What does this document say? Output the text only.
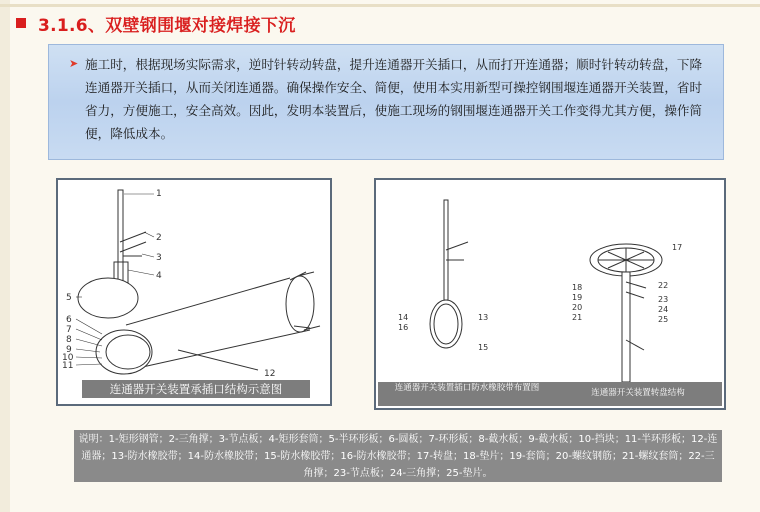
3.1.6、双壁钢围堰对接焊接下沉
➤ 施工时，根据现场实际需求，逆时针转动转盘，提升连通器开关插口，从而打开连通器；顺时针转动转盘，下降连通器开关插口，从而关闭连通器。确保操作安全、简便，使用本实用新型可操控钢围堰连通器开关装置，省时省力，方便施工，安全高效。因此，发明本装置后，使施工现场的钢围堰连通器开关工作变得尤其方便，操作简便，降低成本。

1
2
3
4
5
6
7
8
9
10
11
12
连通器开关装置承插口结构示意图
13
14
15
16
17
18
19
20
21
22
23
24
25
连通器开关装置插口防水橡胶带布置图	连通器开关装置转盘结构
说明：1-矩形钢管；2-三角撑；3-节点板；4-矩形套筒；5-半环形板；6-圆板；7-环形板；8-截水板；9-截水板；10-挡块；11-半环形板；12-连通器；13-防水橡胶带；14-防水橡胶带；15-防水橡胶带；16-防水橡胶带；17-转盘；18-垫片；19-套筒；20-螺纹钢筋；21-螺纹套筒；22-三角撑；23-节点板；24-三角撑；25-垫片。
